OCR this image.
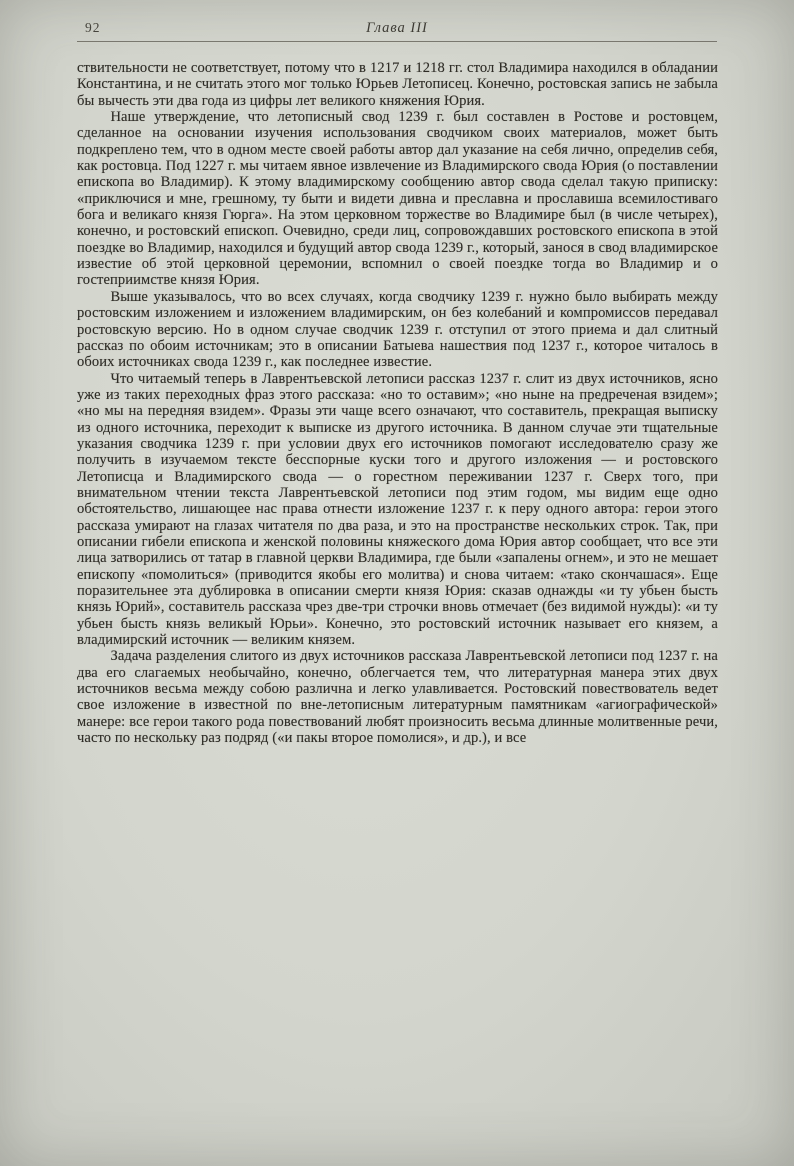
92	Глава III

ствительности не соответствует, потому что в 1217 и 1218 гг. стол Владимира находился в обладании Константина, и не считать этого мог только Юрьев Летописец. Конечно, ростовская запись не забыла бы вычесть эти два года из цифры лет великого княжения Юрия.

Наше утверждение, что летописный свод 1239 г. был составлен в Ростове и ростовцем, сделанное на основании изучения использования сводчиком своих материалов, может быть подкреплено тем, что в одном месте своей работы автор дал указание на себя лично, определив себя, как ростовца. Под 1227 г. мы читаем явное извлечение из Владимирского свода Юрия (о поставлении епископа во Владимир). К этому владимирскому сообщению автор свода сделал такую приписку: «приключися и мне, грешному, ту быти и видети дивна и преславна и прославиша всемилостиваго бога и великаго князя Гюрга». На этом церковном торжестве во Владимире был (в числе четырех), конечно, и ростовский епископ. Очевидно, среди лиц, сопровождавших ростовского епископа в этой поездке во Владимир, находился и будущий автор свода 1239 г., который, занося в свод владимирское известие об этой церковной церемонии, вспомнил о своей поездке тогда во Владимир и о гостеприимстве князя Юрия.

Выше указывалось, что во всех случаях, когда сводчику 1239 г. нужно было выбирать между ростовским изложением и изложением владимирским, он без колебаний и компромиссов передавал ростовскую версию. Но в одном случае сводчик 1239 г. отступил от этого приема и дал слитный рассказ по обоим источникам; это в описании Батыева нашествия под 1237 г., которое читалось в обоих источниках свода 1239 г., как последнее известие.

Что читаемый теперь в Лаврентьевской летописи рассказ 1237 г. слит из двух источников, ясно уже из таких переходных фраз этого рассказа: «но то оставим»; «но ныне на предреченая взидем»; «но мы на передняя взидем». Фразы эти чаще всего означают, что составитель, прекращая выписку из одного источника, переходит к выписке из другого источника. В данном случае эти тщательные указания сводчика 1239 г. при условии двух его источников помогают исследователю сразу же получить в изучаемом тексте бесспорные куски того и другого изложения — и ростовского Летописца и Владимирского свода — о горестном переживании 1237 г. Сверх того, при внимательном чтении текста Лаврентьевской летописи под этим годом, мы видим еще одно обстоятельство, лишающее нас права отнести изложение 1237 г. к перу одного автора: герои этого рассказа умирают на глазах читателя по два раза, и это на пространстве нескольких строк. Так, при описании гибели епископа и женской половины княжеского дома Юрия автор сообщает, что все эти лица затворились от татар в главной церкви Владимира, где были «запалены огнем», и это не мешает епископу «помолиться» (приводится якобы его молитва) и снова читаем: «тако скончашася». Еще поразительнее эта дублировка в описании смерти князя Юрия: сказав однажды «и ту убьен бысть князь Юрий», составитель рассказа чрез две-три строчки вновь отмечает (без видимой нужды): «и ту убьен бысть князь великый Юрьи». Конечно, это ростовский источник называет его князем, а владимирский источник — великим князем.

Задача разделения слитого из двух источников рассказа Лаврентьевской летописи под 1237 г. на два его слагаемых необычайно, конечно, облегчается тем, что литературная манера этих двух источников весьма между собою различна и легко улавливается. Ростовский повествователь ведет свое изложение в известной по вне-летописным литературным памятникам «агиографической» манере: все герои такого рода повествований любят произносить весьма длинные молитвенные речи, часто по нескольку раз подряд («и пакы второе помолися», и др.), и все
